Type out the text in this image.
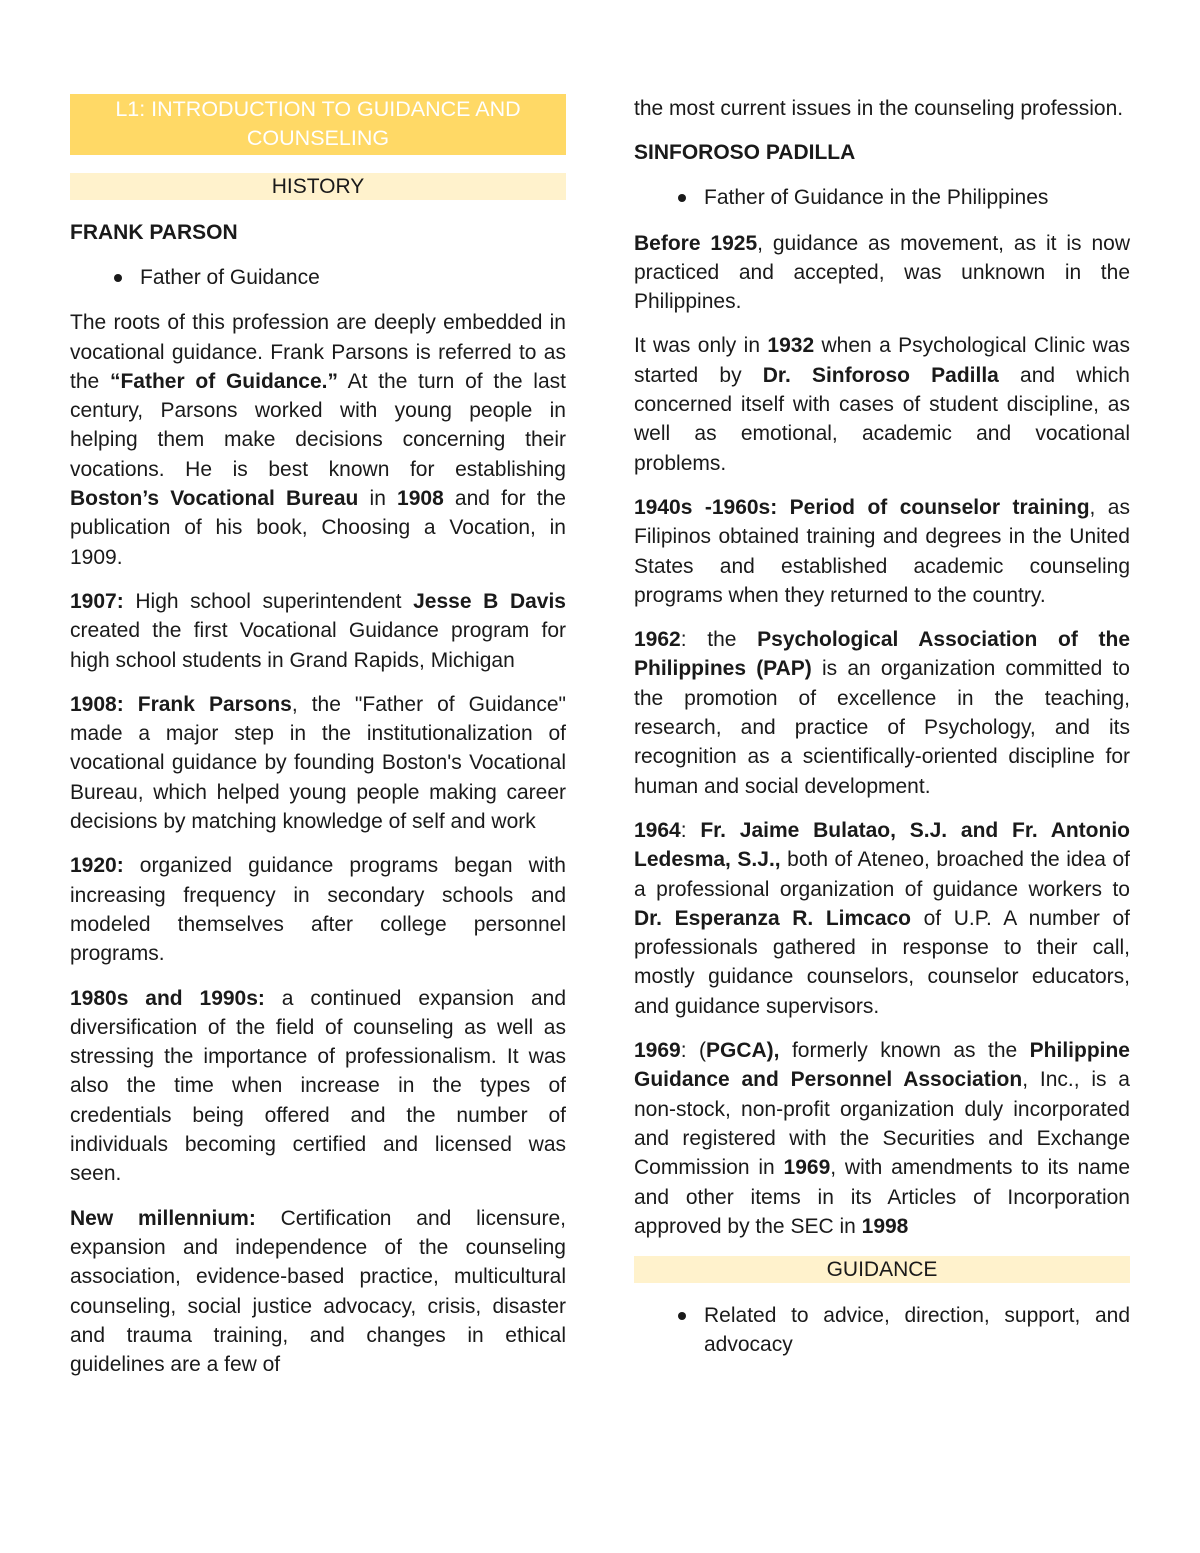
L1: INTRODUCTION TO GUIDANCE AND COUNSELING
HISTORY
FRANK PARSON
Father of Guidance

The roots of this profession are deeply embedded in vocational guidance. Frank Parsons is referred to as the “Father of Guidance.” At the turn of the last century, Parsons worked with young people in helping them make decisions concerning their vocations. He is best known for establishing Boston’s Vocational Bureau in 1908 and for the publication of his book, Choosing a Vocation, in 1909.

1907: High school superintendent Jesse B Davis created the first Vocational Guidance program for high school students in Grand Rapids, Michigan

1908: Frank Parsons, the "Father of Guidance" made a major step in the institutionalization of vocational guidance by founding Boston's Vocational Bureau, which helped young people making career decisions by matching knowledge of self and work

1920: organized guidance programs began with increasing frequency in secondary schools and modeled themselves after college personnel programs.

1980s and 1990s: a continued expansion and diversification of the field of counseling as well as stressing the importance of professionalism. It was also the time when increase in the types of credentials being offered and the number of individuals becoming certified and licensed was seen.

New millennium: Certification and licensure, expansion and independence of the counseling association, evidence-based practice, multicultural counseling, social justice advocacy, crisis, disaster and trauma training, and changes in ethical guidelines are a few of

the most current issues in the counseling profession.

SINFOROSO PADILLA
Father of Guidance in the Philippines

Before 1925, guidance as movement, as it is now practiced and accepted, was unknown in the Philippines.

It was only in 1932 when a Psychological Clinic was started by Dr. Sinforoso Padilla and which concerned itself with cases of student discipline, as well as emotional, academic and vocational problems.

1940s -1960s: Period of counselor training, as Filipinos obtained training and degrees in the United States and established academic counseling programs when they returned to the country.

1962: the Psychological Association of the Philippines (PAP) is an organization committed to the promotion of excellence in the teaching, research, and practice of Psychology, and its recognition as a scientifically-oriented discipline for human and social development.

1964: Fr. Jaime Bulatao, S.J. and Fr. Antonio Ledesma, S.J., both of Ateneo, broached the idea of a professional organization of guidance workers to Dr. Esperanza R. Limcaco of U.P. A number of professionals gathered in response to their call, mostly guidance counselors, counselor educators, and guidance supervisors.

1969: (PGCA), formerly known as the Philippine Guidance and Personnel Association, Inc., is a non-stock, non-profit organization duly incorporated and registered with the Securities and Exchange Commission in 1969, with amendments to its name and other items in its Articles of Incorporation approved by the SEC in 1998

GUIDANCE
Related to advice, direction, support, and advocacy
